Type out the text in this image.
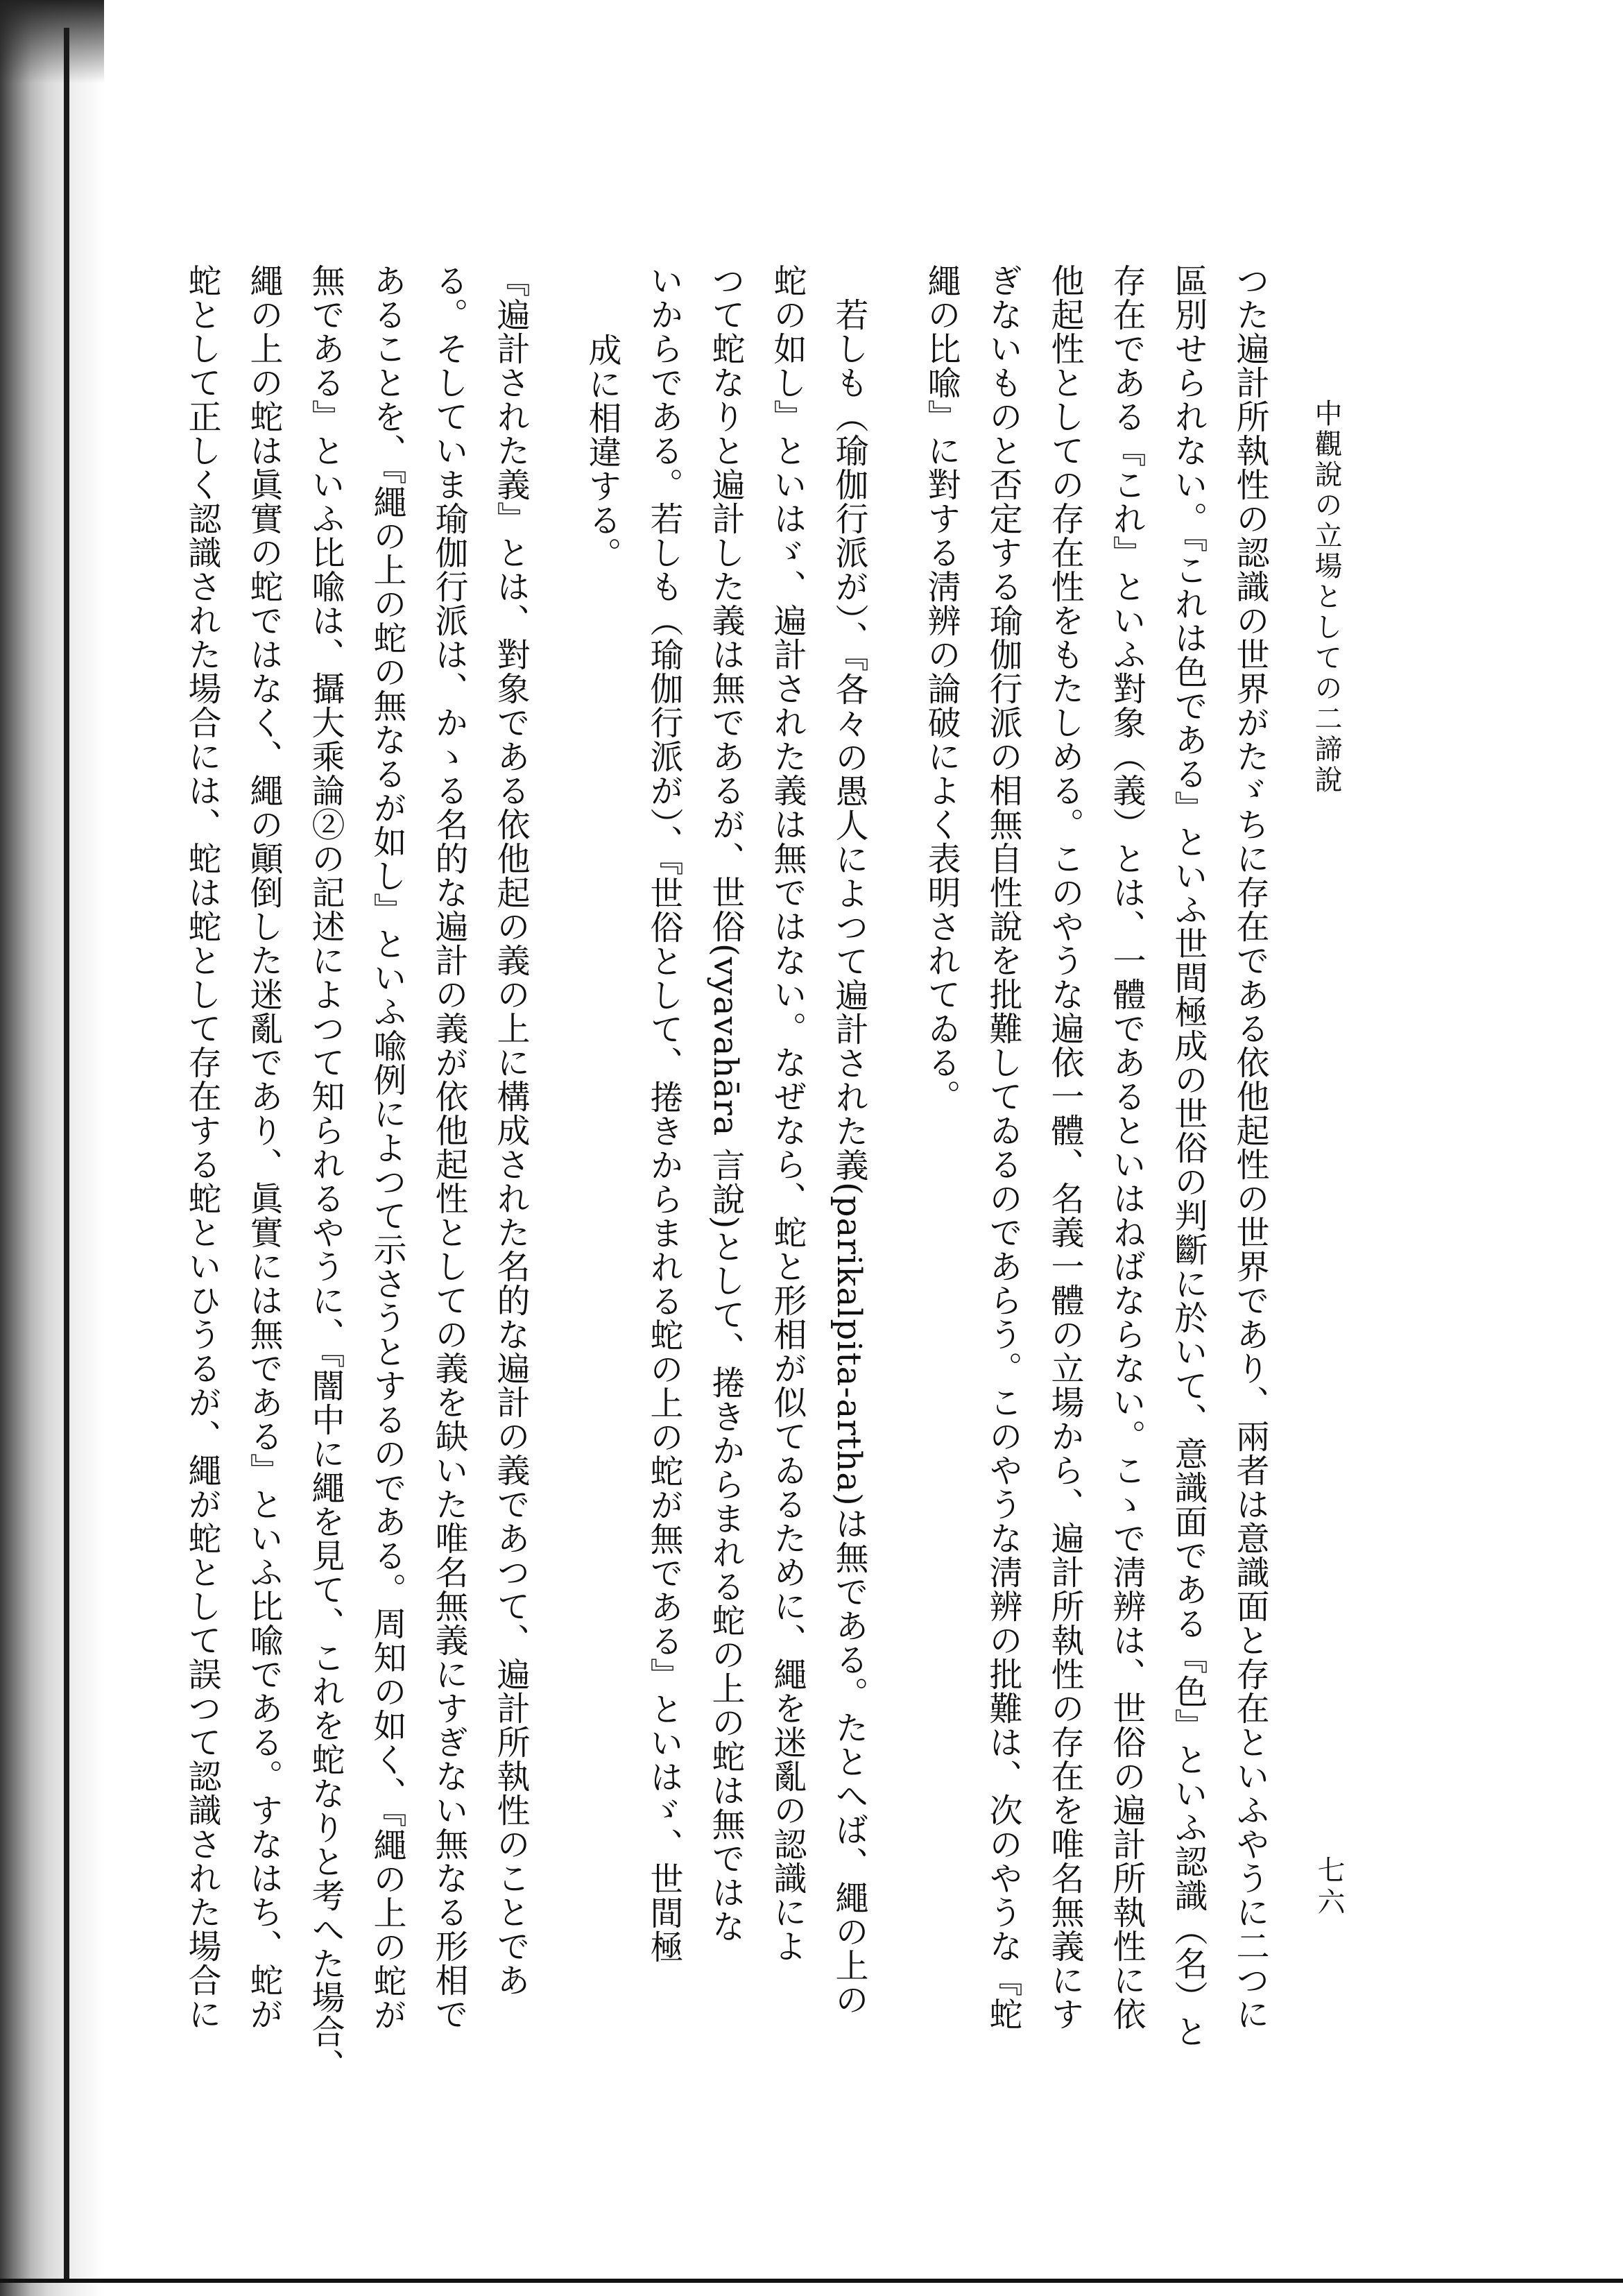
中觀說の立場としての二諦說
七六
つた遍計所執性の認識の世界がたゞちに存在である依他起性の世界であり、兩者は意識面と存在といふやうに二つに
區別せられない。『これは色である』といふ世間極成の世俗の判斷に於いて、意識面である『色』といふ認識（名）と
存在である『これ』といふ對象（義）とは、一體であるといはねばならない。こゝで淸辨は、世俗の遍計所執性に依
他起性としての存在性をもたしめる。このやうな遍依一體、名義一體の立場から、遍計所執性の存在を唯名無義にす
ぎないものと否定する瑜伽行派の相無自性說を批難してゐるのであらう。このやうな淸辨の批難は、次のやうな『蛇
繩の比喩』に對する淸辨の論破によく表明されてゐる。
　若しも（瑜伽行派が）、『各々の愚人によつて遍計された義(parikalpita-artha)は無である。たとへば、繩の上の
蛇の如し』といはゞ、遍計された義は無ではない。なぜなら、蛇と形相が似てゐるために、繩を迷亂の認識によ
つて蛇なりと遍計した義は無であるが、世俗(vyavahāra 言說)として、捲きからまれる蛇の上の蛇は無ではな
いからである。若しも（瑜伽行派が）、『世俗として、捲きからまれる蛇の上の蛇が無である』といはゞ、世間極
成に相違する。
『遍計された義』とは、對象である依他起の義の上に構成された名的な遍計の義であつて、遍計所執性のことであ
る。そしていま瑜伽行派は、かゝる名的な遍計の義が依他起性としての義を缺いた唯名無義にすぎない無なる形相で
あることを、『繩の上の蛇の無なるが如し』といふ喩例によつて示さうとするのである。周知の如く、『繩の上の蛇が
無である』といふ比喩は、攝大乘論②の記述によつて知られるやうに、『闇中に繩を見て、これを蛇なりと考へた場合、
繩の上の蛇は眞實の蛇ではなく、繩の顚倒した迷亂であり、眞實には無である』といふ比喩である。すなはち、蛇が
蛇として正しく認識された場合には、蛇は蛇として存在する蛇といひうるが、繩が蛇として誤つて認識された場合に
